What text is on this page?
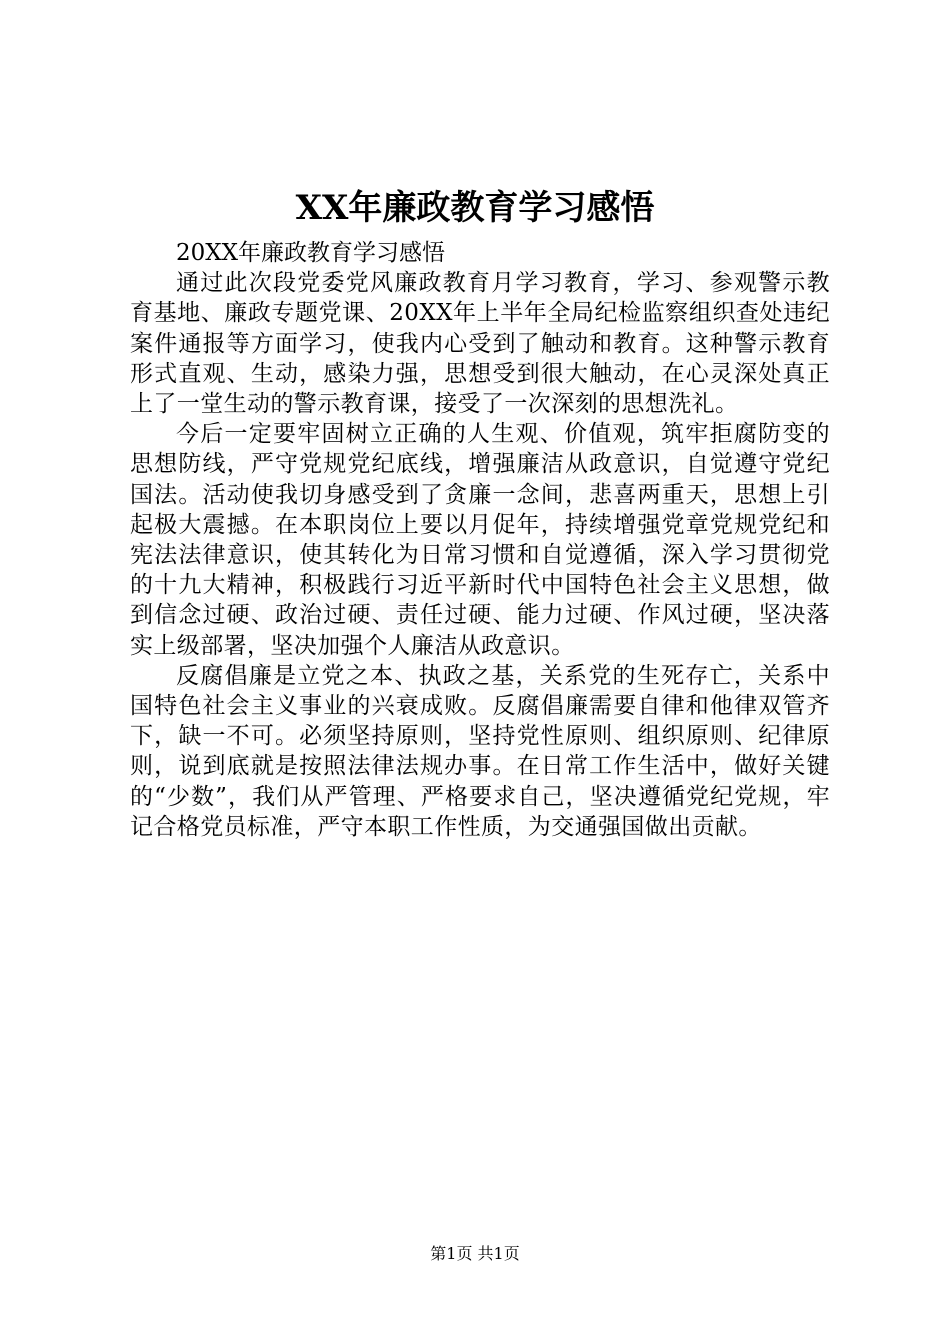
XX年廉政教育学习感悟

20XX年廉政教育学习感悟

通过此次段党委党风廉政教育月学习教育，学习、参观警示教育基地、廉政专题党课、20XX年上半年全局纪检监察组织查处违纪案件通报等方面学习，使我内心受到了触动和教育。这种警示教育形式直观、生动，感染力强，思想受到很大触动，在心灵深处真正上了一堂生动的警示教育课，接受了一次深刻的思想洗礼。

今后一定要牢固树立正确的人生观、价值观，筑牢拒腐防变的思想防线，严守党规党纪底线，增强廉洁从政意识，自觉遵守党纪国法。活动使我切身感受到了贪廉一念间，悲喜两重天，思想上引起极大震撼。在本职岗位上要以月促年，持续增强党章党规党纪和宪法法律意识，使其转化为日常习惯和自觉遵循，深入学习贯彻党的十九大精神，积极践行习近平新时代中国特色社会主义思想，做到信念过硬、政治过硬、责任过硬、能力过硬、作风过硬，坚决落实上级部署，坚决加强个人廉洁从政意识。

反腐倡廉是立党之本、执政之基，关系党的生死存亡，关系中国特色社会主义事业的兴衰成败。反腐倡廉需要自律和他律双管齐下，缺一不可。必须坚持原则，坚持党性原则、组织原则、纪律原则，说到底就是按照法律法规办事。在日常工作生活中，做好关键的“少数”，我们从严管理、严格要求自己，坚决遵循党纪党规，牢记合格党员标准，严守本职工作性质，为交通强国做出贡献。

第1页 共1页
